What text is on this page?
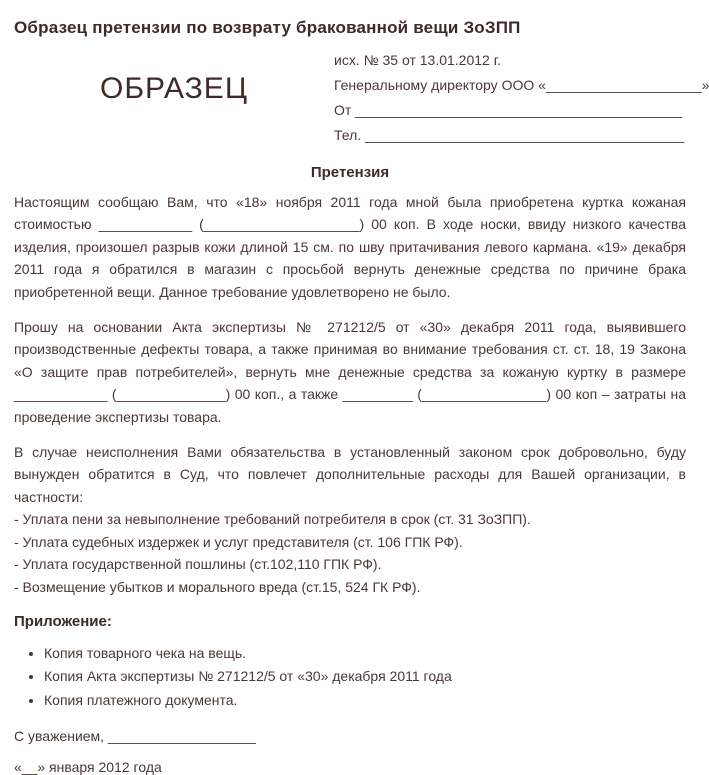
Образец претензии по возврату бракованной вещи ЗоЗПП
ОБРАЗЕЦ
исх. № 35 от 13.01.2012 г.
Генеральному директору ООО «____________________»
От __________________________________________
Тел. _________________________________________
Претензия

Настоящим сообщаю Вам, что «18» ноября 2011 года мной была приобретена куртка кожаная стоимостью ____________ (____________________) 00 коп. В ходе носки, ввиду низкого качества изделия, произошел разрыв кожи длиной 15 см. по шву притачивания левого кармана. «19» декабря 2011 года я обратился в магазин с просьбой вернуть денежные средства по причине брака приобретенной вещи. Данное требование удовлетворено не было.

Прошу на основании Акта экспертизы № 271212/5 от «30» декабря 2011 года, выявившего производственные дефекты товара, а также принимая во внимание требования ст. ст. 18, 19 Закона «О защите прав потребителей», вернуть мне денежные средства за кожаную куртку в размере ____________ (______________) 00 коп., а также _________ (________________) 00 коп – затраты на проведение экспертизы товара.

В случае неисполнения Вами обязательства в установленный законом срок добровольно, буду вынужден обратится в Суд, что повлечет дополнительные расходы для Вашей организации, в частности:

- Уплата пени за невыполнение требований потребителя в срок (ст. 31 ЗоЗПП).
- Уплата судебных издержек и услуг представителя (ст. 106 ГПК РФ).
- Уплата государственной пошлины (ст.102,110 ГПК РФ).
- Возмещение убытков и морального вреда (ст.15, 524 ГК РФ).
Приложение:
• Копия товарного чека на вещь.
• Копия Акта экспертизы № 271212/5 от «30» декабря 2011 года
• Копия платежного документа.

С уважением, ___________________

«__» января 2012 года
